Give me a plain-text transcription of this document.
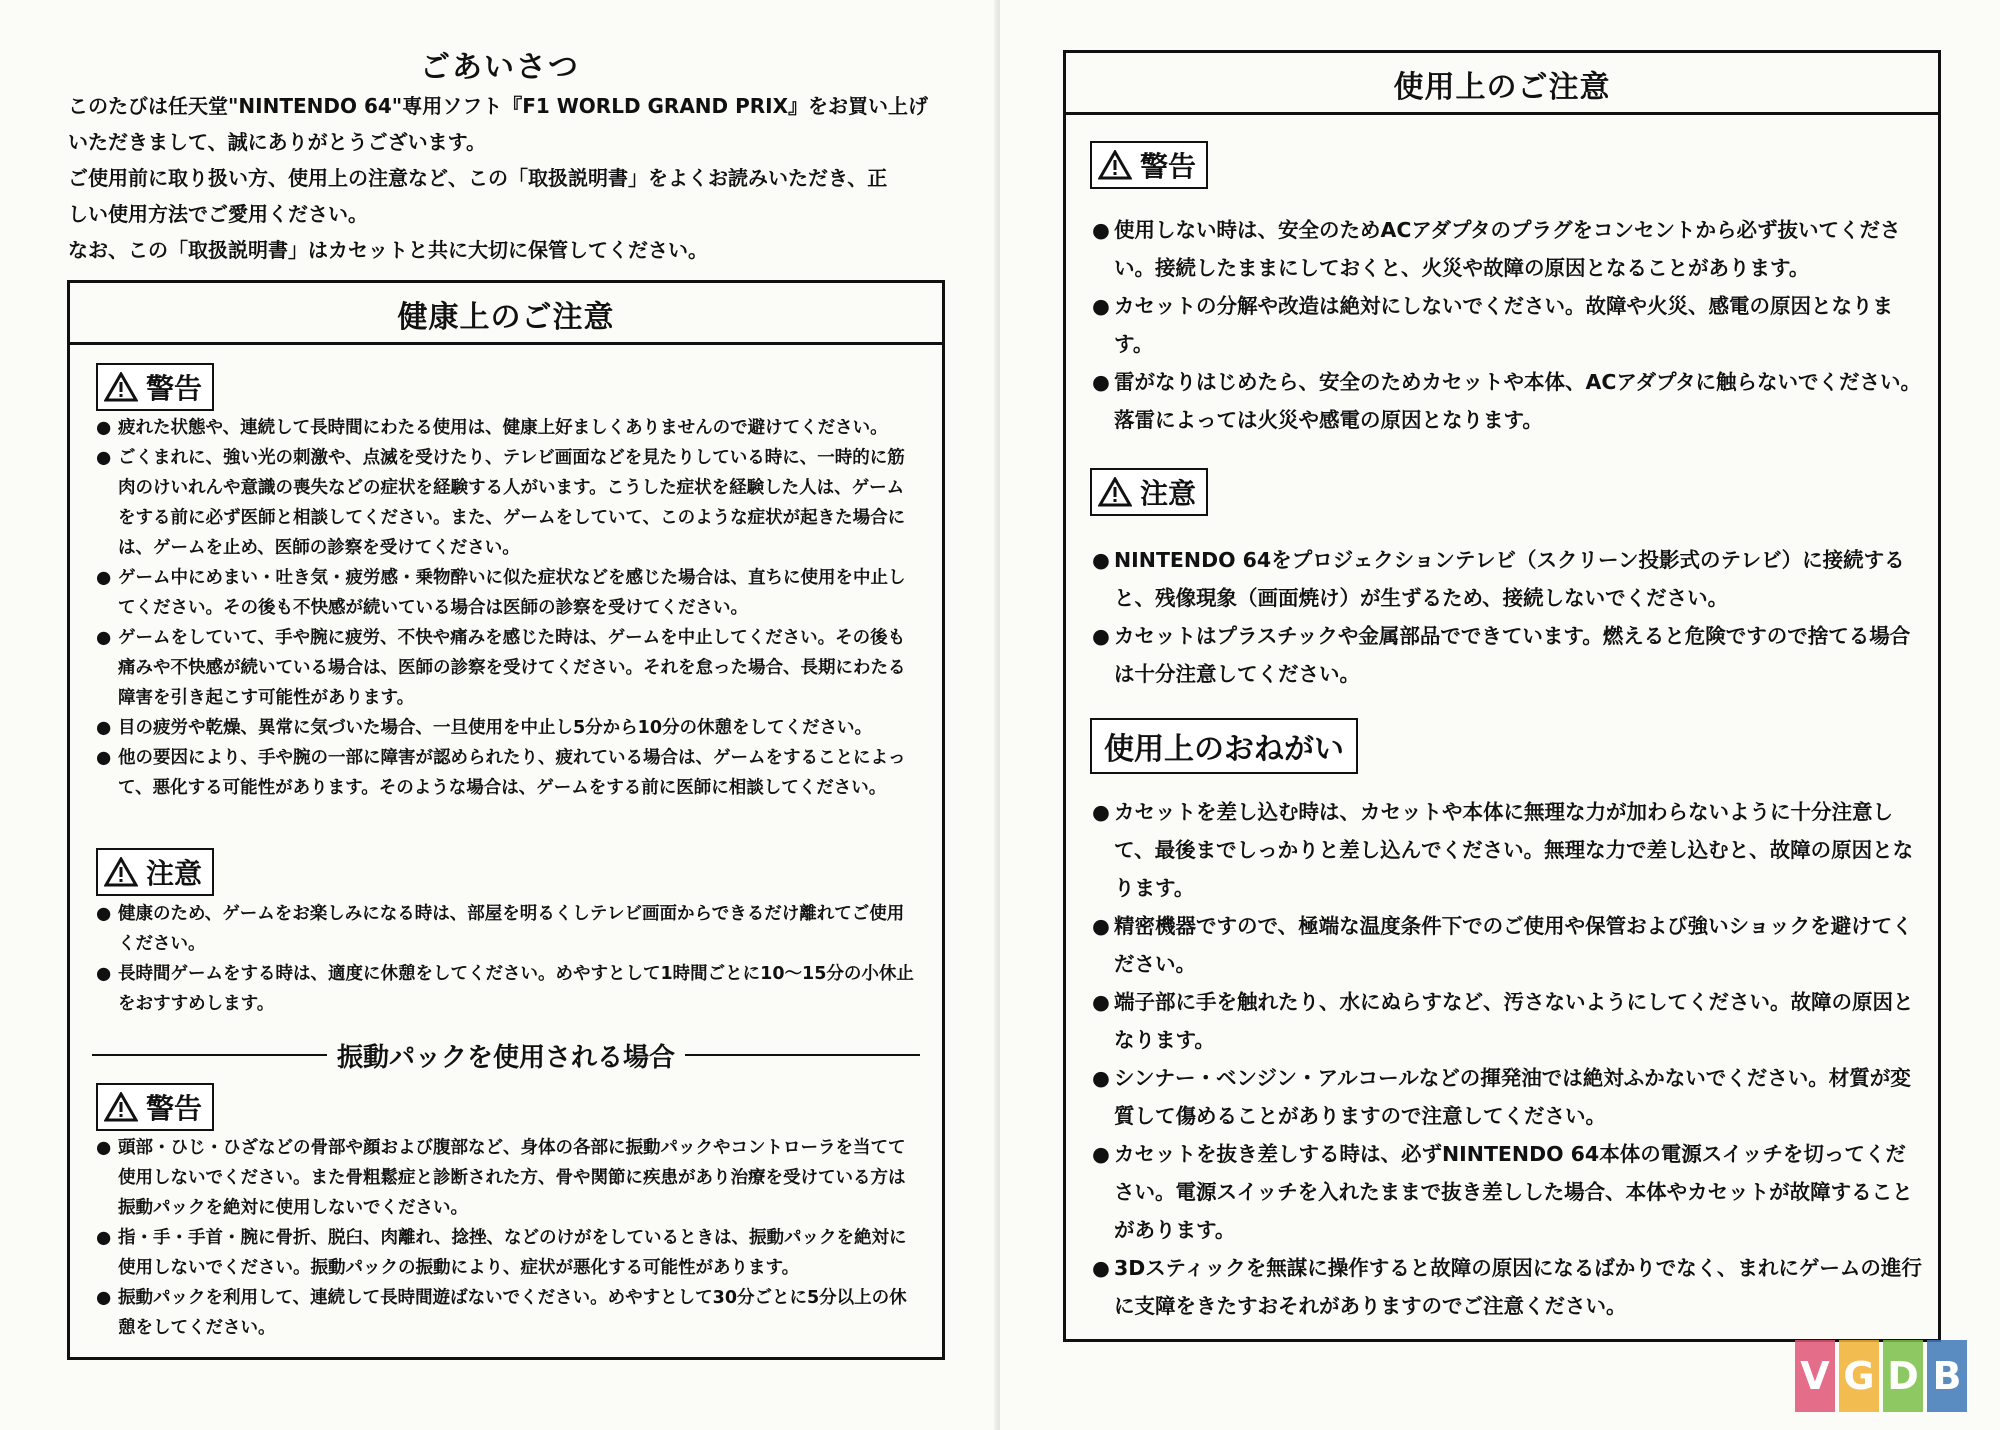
ごあいさつ

このたびは任天堂"NINTENDO 64"専用ソフト『F1 WORLD GRAND PRIX』をお買い上げ

いただきまして、誠にありがとうございます。

ご使用前に取り扱い方、使用上の注意など、この「取扱説明書」をよくお読みいただき、正

しい使用方法でご愛用ください。

なお、この「取扱説明書」はカセットと共に大切に保管してください。

健康上のご注意
警告

● 疲れた状態や、連続して長時間にわたる使用は、健康上好ましくありませんので避けてください。

● ごくまれに、強い光の刺激や、点滅を受けたり、テレビ画面などを見たりしている時に、一時的に筋肉のけいれんや意識の喪失などの症状を経験する人がいます。こうした症状を経験した人は、ゲームをする前に必ず医師と相談してください。また、ゲームをしていて、このような症状が起きた場合には、ゲームを止め、医師の診察を受けてください。

● ゲーム中にめまい・吐き気・疲労感・乗物酔いに似た症状などを感じた場合は、直ちに使用を中止してください。その後も不快感が続いている場合は医師の診察を受けてください。

● ゲームをしていて、手や腕に疲労、不快や痛みを感じた時は、ゲームを中止してください。その後も痛みや不快感が続いている場合は、医師の診察を受けてください。それを怠った場合、長期にわたる障害を引き起こす可能性があります。

● 目の疲労や乾燥、異常に気づいた場合、一旦使用を中止し5分から10分の休憩をしてください。

● 他の要因により、手や腕の一部に障害が認められたり、疲れている場合は、ゲームをすることによって、悪化する可能性があります。そのような場合は、ゲームをする前に医師に相談してください。

注意

● 健康のため、ゲームをお楽しみになる時は、部屋を明るくしテレビ画面からできるだけ離れてご使用ください。

● 長時間ゲームをする時は、適度に休憩をしてください。めやすとして1時間ごとに10〜15分の小休止をおすすめします。

振動パックを使用される場合
警告

● 頭部・ひじ・ひざなどの骨部や顔および腹部など、身体の各部に振動パックやコントローラを当てて使用しないでください。また骨粗鬆症と診断された方、骨や関節に疾患があり治療を受けている方は振動パックを絶対に使用しないでください。

● 指・手・手首・腕に骨折、脱臼、肉離れ、捻挫、などのけがをしているときは、振動パックを絶対に使用しないでください。振動パックの振動により、症状が悪化する可能性があります。

● 振動パックを利用して、連続して長時間遊ばないでください。めやすとして30分ごとに5分以上の休憩をしてください。

使用上のご注意
警告

● 使用しない時は、安全のためACアダプタのプラグをコンセントから必ず抜いてください。接続したままにしておくと、火災や故障の原因となることがあります。

● カセットの分解や改造は絶対にしないでください。故障や火災、感電の原因となります。

● 雷がなりはじめたら、安全のためカセットや本体、ACアダプタに触らないでください。落雷によっては火災や感電の原因となります。

注意

● NINTENDO 64をプロジェクションテレビ（スクリーン投影式のテレビ）に接続すると、残像現象（画面焼け）が生ずるため、接続しないでください。

● カセットはプラスチックや金属部品でできています。燃えると危険ですので捨てる場合は十分注意してください。

使用上のおねがい

● カセットを差し込む時は、カセットや本体に無理な力が加わらないように十分注意して、最後までしっかりと差し込んでください。無理な力で差し込むと、故障の原因となります。

● 精密機器ですので、極端な温度条件下でのご使用や保管および強いショックを避けてください。

● 端子部に手を触れたり、水にぬらすなど、汚さないようにしてください。故障の原因となります。

● シンナー・ベンジン・アルコールなどの揮発油では絶対ふかないでください。材質が変質して傷めることがありますので注意してください。

● カセットを抜き差しする時は、必ずNINTENDO 64本体の電源スイッチを切ってください。電源スイッチを入れたままで抜き差しした場合、本体やカセットが故障することがあります。

● 3Dスティックを無謀に操作すると故障の原因になるばかりでなく、まれにゲームの進行に支障をきたすおそれがありますのでご注意ください。

V G D B
